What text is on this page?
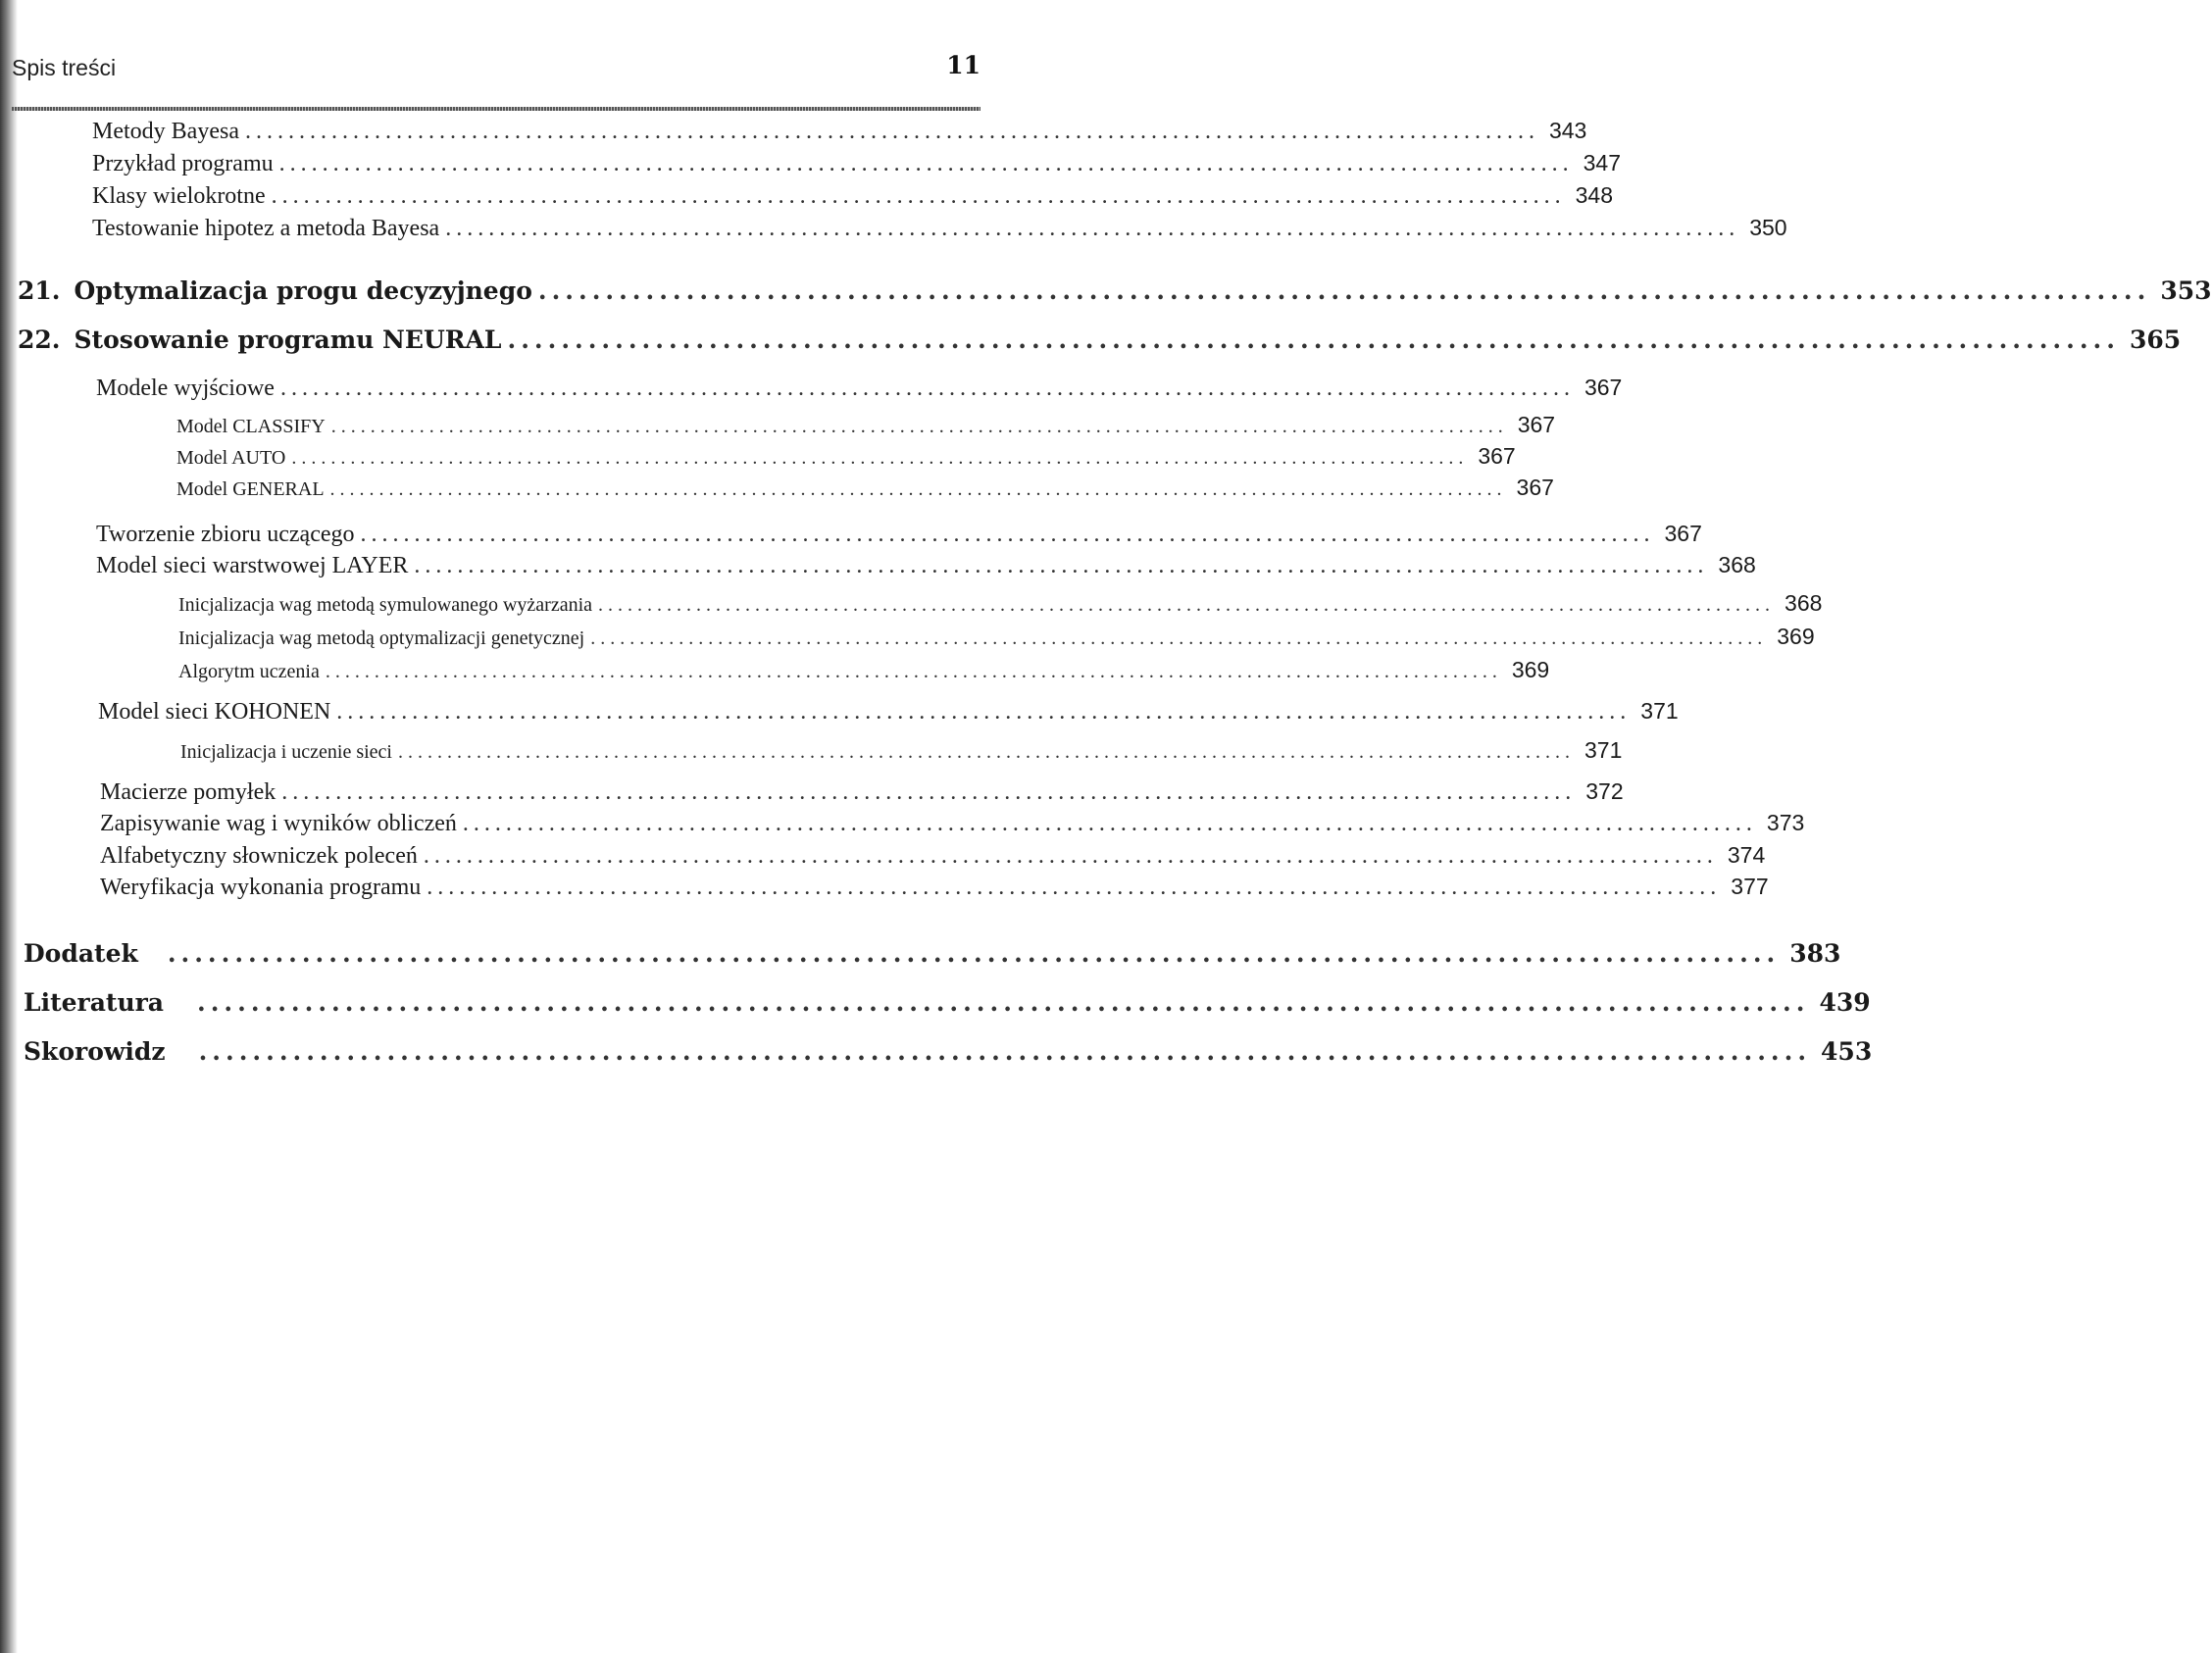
Spis treści	11
Metody Bayesa ........................................................................................................................ 343
Przykład programu ........................................................................................................................ 347
Klasy wielokrotne ........................................................................................................................ 348
Testowanie hipotez a metoda Bayesa ........................................................................................................................ 350
21. Optymalizacja progu decyzyjnego ........................................................................................................................ 353
22. Stosowanie programu NEURAL ........................................................................................................................ 365
Modele wyjściowe ........................................................................................................................ 367
Model CLASSIFY ........................................................................................................................ 367
Model AUTO ........................................................................................................................ 367
Model GENERAL ........................................................................................................................ 367
Tworzenie zbioru uczącego ........................................................................................................................ 367
Model sieci warstwowej LAYER ........................................................................................................................ 368
Inicjalizacja wag metodą symulowanego wyżarzania ........................................................................................................................ 368
Inicjalizacja wag metodą optymalizacji genetycznej ........................................................................................................................ 369
Algorytm uczenia ........................................................................................................................ 369
Model sieci KOHONEN ........................................................................................................................ 371
Inicjalizacja i uczenie sieci ........................................................................................................................ 371
Macierze pomyłek ........................................................................................................................ 372
Zapisywanie wag i wyników obliczeń ........................................................................................................................ 373
Alfabetyczny słowniczek poleceń ........................................................................................................................ 374
Weryfikacja wykonania programu ........................................................................................................................ 377
Dodatek	........................................................................................................................ 383
Literatura	........................................................................................................................ 439
Skorowidz	........................................................................................................................ 453
